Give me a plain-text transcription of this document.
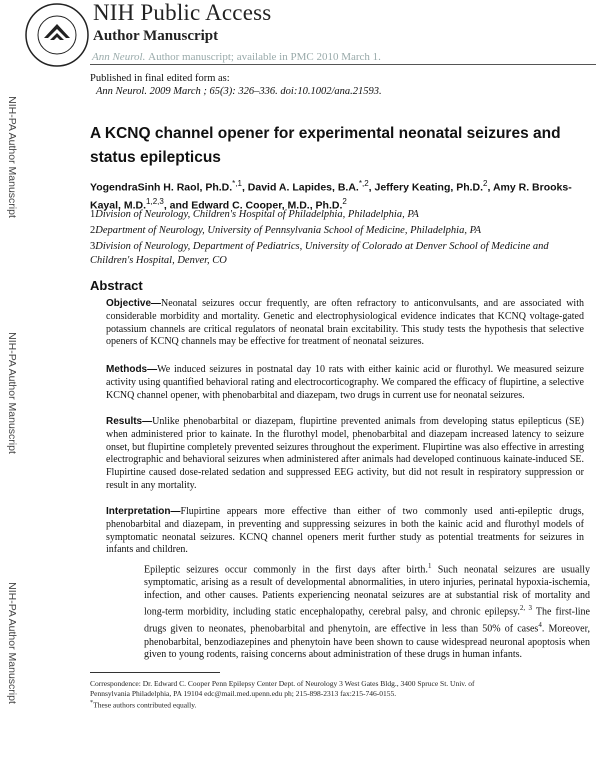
NIH Public Access
Author Manuscript
Ann Neurol. Author manuscript; available in PMC 2010 March 1.
Published in final edited form as:
Ann Neurol. 2009 March ; 65(3): 326–336. doi:10.1002/ana.21593.
NIH-PA Author Manuscript
NIH-PA Author Manuscript
NIH-PA Author Manuscript
A KCNQ channel opener for experimental neonatal seizures and status epilepticus
YogendraSinh H. Raol, Ph.D.$^{*,1}$, David A. Lapides, B.A.$^{*,2}$, Jeffery Keating, Ph.D.$^2$, Amy R. Brooks-Kayal, M.D.$^{1,2,3}$, and Edward C. Cooper, M.D., Ph.D.$^2$
1Division of Neurology, Children's Hospital of Philadelphia, Philadelphia, PA
2Department of Neurology, University of Pennsylvania School of Medicine, Philadelphia, PA
3Division of Neurology, Department of Pediatrics, University of Colorado at Denver School of Medicine and Children's Hospital, Denver, CO
Abstract
Objective—Neonatal seizures occur frequently, are often refractory to anticonvulsants, and are associated with considerable morbidity and mortality. Genetic and electrophysiological evidence indicates that KCNQ voltage-gated potassium channels are critical regulators of neonatal brain excitability. This study tests the hypothesis that selective openers of KCNQ channels may be effective for treatment of neonatal seizures.
Methods—We induced seizures in postnatal day 10 rats with either kainic acid or flurothyl. We measured seizure activity using quantified behavioral rating and electrocorticography. We compared the efficacy of flupirtine, a selective KCNQ channel opener, with phenobarbital and diazepam, two drugs in current use for neonatal seizures.
Results—Unlike phenobarbital or diazepam, flupirtine prevented animals from developing status epilepticus (SE) when administered prior to kainate. In the flurothyl model, phenobarbital and diazepam increased latency to seizure onset, but flupirtine completely prevented seizures throughout the experiment. Flupirtine was also effective in arresting electrographic and behavioral seizures when administered after animals had developed continuous kainate-induced SE. Flupirtine caused dose-related sedation and suppressed EEG activity, but did not result in respiratory suppression or result in any mortality.
Interpretation—Flupirtine appears more effective than either of two commonly used anti-epileptic drugs, phenobarbital and diazepam, in preventing and suppressing seizures in both the kainic acid and flurothyl models of symptomatic neonatal seizures. KCNQ channel openers merit further study as potential treatments for seizures in infants and children.

Epileptic seizures occur commonly in the first days after birth.$^1$ Such neonatal seizures are usually symptomatic, arising as a result of developmental abnormalities, in utero injuries, perinatal hypoxia-ischemia, infection, and other causes. Patients experiencing neonatal seizures are at substantial risk of mortality and long-term morbidity, including static encephalopathy, cerebral palsy, and chronic epilepsy.$^{2, 3}$ The first-line drugs given to neonates, phenobarbital and phenytoin, are effective in less than 50% of cases$^4$. Moreover, phenobarbital, benzodiazepines and phenytoin have been shown to cause widespread neuronal apoptosis when given to young rodents, raising concerns about administration of these drugs in human infants.

Correspondence: Dr. Edward C. Cooper Penn Epilepsy Center Dept. of Neurology 3 West Gates Bldg., 3400 Spruce St. Univ. of Pennsylvania Philadelphia, PA 19104 edc@mail.med.upenn.edu ph; 215-898-2313 fax:215-746-0155.
*These authors contributed equally.
